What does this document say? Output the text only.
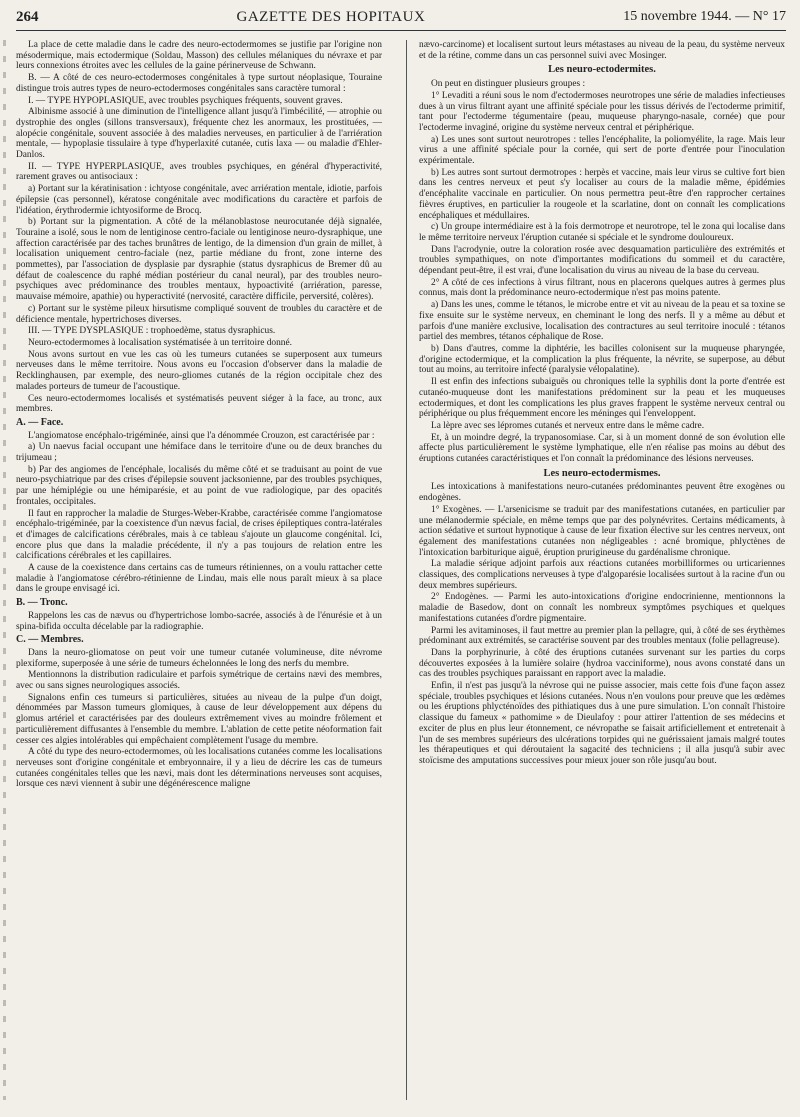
264	GAZETTE DES HOPITAUX	15 novembre 1944. — N° 17

La place de cette maladie dans le cadre des neuro-ectodermomes se justifie par l'origine non mésodermique, mais ectodermique (Soldau, Masson) des cellules mélaniques du névraxe et par leurs connexions étroites avec les cellules de la gaine périnerveuse de Schwann.

B. — A côté de ces neuro-ectodermoses congénitales à type surtout néoplasique, Touraine distingue trois autres types de neuro-ectodermoses congénitales sans caractère tumoral :

I. — TYPE HYPOPLASIQUE, avec troubles psychiques fréquents, souvent graves.

Albinisme associé à une diminution de l'intelligence allant jusqu'à l'imbécilité, — atrophie ou dystrophie des ongles (sillons transversaux), fréquente chez les anormaux, les prostituées, — alopécie congénitale, souvent associée à des maladies nerveuses, en particulier à de l'arriération mentale, — hypoplasie tissulaire à type d'hyperlaxité cutanée, cutis laxa — ou maladie d'Ehler-Danlos.

II. — TYPE HYPERPLASIQUE, aves troubles psychiques, en général d'hyperactivité, rarement graves ou antisociaux :

a) Portant sur la kératinisation : ichtyose congénitale, avec arriération mentale, idiotie, parfois épilepsie (cas personnel), kératose congénitale avec modifications du caractère et parfois de l'idéation, érythrodermie ichtyosiforme de Brocq.

b) Portant sur la pigmentation. A côté de la mélanoblastose neurocutanée déjà signalée, Touraine a isolé, sous le nom de lentiginose centro-faciale ou lentiginose neuro-dysraphique, une affection caractérisée par des taches brunâtres de lentigo, de la dimension d'un grain de millet, à localisation uniquement centro-faciale (nez, partie médiane du front, zone interne des pommettes), par l'association de dysplasie par dysraphie (status dysraphicus de Bremer dû au défaut de coalescence du raphé médian postérieur du canal neural), par des troubles neuro-psychiques avec prédominance des troubles mentaux, hypoactivité (arriération, paresse, mauvaise mémoire, apathie) ou hyperactivité (nervosité, caractère difficile, perversité, colères).

c) Portant sur le système pileux hirsutisme compliqué souvent de troubles du caractère et de déficience mentale, hypertrichoses diverses.

III. — TYPE DYSPLASIQUE : trophoedème, status dysraphicus.

Neuro-ectodermomes à localisation systématisée à un territoire donné.

Nous avons surtout en vue les cas où les tumeurs cutanées se superposent aux tumeurs nerveuses dans le même territoire. Nous avons eu l'occasion d'observer dans la maladie de Recklinghausen, par exemple, des neuro-gliomes cutanés de la région occipitale chez des malades porteurs de tumeur de l'acoustique.

Ces neuro-ectodermomes localisés et systématisés peuvent siéger à la face, au tronc, aux membres.

A. — Face.

L'angiomatose encéphalo-trigéminée, ainsi que l'a dénommée Crouzon, est caractérisée par :

a) Un naevus facial occupant une hémiface dans le territoire d'une ou de deux branches du trijumeau ;

b) Par des angiomes de l'encéphale, localisés du même côté et se traduisant au point de vue neuro-psychiatrique par des crises d'épilepsie souvent jacksonienne, par des troubles psychiques, par une hémiplégie ou une hémiparésie, et au point de vue radiologique, par des opacités frontales, occipitales.

Il faut en rapprocher la maladie de Sturges-Weber-Krabbe, caractérisée comme l'angiomatose encéphalo-trigéminée, par la coexistence d'un nævus facial, de crises épileptiques contra-latérales et d'images de calcifications cérébrales, mais à ce tableau s'ajoute un glaucome congénital. Ici, encore plus que dans la maladie précédente, il n'y a pas toujours de relation entre les calcifications cérébrales et les capillaires.

A cause de la coexistence dans certains cas de tumeurs rétiniennes, on a voulu rattacher cette maladie à l'angiomatose cérébro-rétinienne de Lindau, mais elle nous paraît mieux à sa place dans le groupe envisagé ici.

B. — Tronc.

Rappelons les cas de nævus ou d'hypertrichose lombo-sacrée, associés à de l'énurésie et à un spina-bifida occulta décelable par la radiographie.

C. — Membres.

Dans la neuro-gliomatose on peut voir une tumeur cutanée volumineuse, dite névrome plexiforme, superposée à une série de tumeurs échelonnées le long des nerfs du membre.

Mentionnons la distribution radiculaire et parfois symétrique de certains nævi des membres, avec ou sans signes neurologiques associés.

Signalons enfin ces tumeurs si particulières, situées au niveau de la pulpe d'un doigt, dénommées par Masson tumeurs glomiques, à cause de leur développement aux dépens du glomus artériel et caractérisées par des douleurs extrêmement vives au moindre frôlement et particulièrement diffusantes à l'ensemble du membre. L'ablation de cette petite néoformation fait cesser ces algies intolérables qui empêchaient complètement l'usage du membre.

A côté du type des neuro-ectodermomes, où les localisations cutanées comme les localisations nerveuses sont d'origine congénitale et embryonnaire, il y a lieu de décrire les cas de tumeurs cutanées congénitales telles que les nævi, mais dont les déterminations nerveuses sont acquises, lorsque ces nævi viennent à subir une dégénérescence maligne

nævo-carcinome) et localisent surtout leurs métastases au niveau de la peau, du système nerveux et de la rétine, comme dans un cas personnel suivi avec Mosinger.

Les neuro-ectodermites.

On peut en distinguer plusieurs groupes :

1° Levaditi a réuni sous le nom d'ectodermoses neurotropes une série de maladies infectieuses dues à un virus filtrant ayant une affinité spéciale pour les tissus dérivés de l'ectoderme primitif, tant pour l'ectoderme tégumentaire (peau, muqueuse pharyngo-nasale, cornée) que pour l'ectoderme invaginé, origine du système nerveux central et périphérique.

a) Les unes sont surtout neurotropes : telles l'encéphalite, la poliomyélite, la rage. Mais leur virus a une affinité spéciale pour la cornée, qui sert de porte d'entrée pour l'inoculation expérimentale.

b) Les autres sont surtout dermotropes : herpès et vaccine, mais leur virus se cultive fort bien dans les centres nerveux et peut s'y localiser au cours de la maladie même, épidémies d'encéphalite vaccinale en particulier. On nous permettra peut-être d'en rapprocher certaines fièvres éruptives, en particulier la rougeole et la scarlatine, dont on connaît les complications encéphaliques et médullaires.

c) Un groupe intermédiaire est à la fois dermotrope et neurotrope, tel le zona qui localise dans le même territoire nerveux l'éruption cutanée si spéciale et le syndrome douloureux.

Dans l'acrodynie, outre la coloration rosée avec desquamation particulière des extrémités et troubles sympathiques, on note d'importantes modifications du sommeil et du caractère, dépendant peut-être, il est vrai, d'une localisation du virus au niveau de la base du cerveau.

2° A côté de ces infections à virus filtrant, nous en placerons quelques autres à germes plus connus, mais dont la prédominance neuro-ectodermique n'est pas moins patente.

a) Dans les unes, comme le tétanos, le microbe entre et vit au niveau de la peau et sa toxine se fixe ensuite sur le système nerveux, en cheminant le long des nerfs. Il y a même au début et parfois d'une manière exclusive, localisation des contractures au seul territoire inoculé : tétanos partiel des membres, tétanos céphalique de Rose.

b) Dans d'autres, comme la diphtérie, les bacilles colonisent sur la muqueuse pharyngée, d'origine ectodermique, et la complication la plus fréquente, la névrite, se superpose, au début tout au moins, au territoire infecté (paralysie vélopalatine).

Il est enfin des infections subaiguës ou chroniques telle la syphilis dont la porte d'entrée est cutanéo-muqueuse dont les manifestations prédominent sur la peau et les muqueuses ectodermiques, et dont les complications les plus graves frappent le système nerveux central ou périphérique ou plus fréquemment encore les méninges qui l'enveloppent.

La lèpre avec ses lépromes cutanés et nerveux entre dans le même cadre.

Et, à un moindre degré, la trypanosomiase. Car, si à un moment donné de son évolution elle affecte plus particulièrement le système lymphatique, elle n'en réalise pas moins au début des éruptions cutanées caractéristiques et l'on connaît la prédominance des lésions nerveuses.

Les neuro-ectodermismes.

Les intoxications à manifestations neuro-cutanées prédominantes peuvent être exogènes ou endogènes.

1° Exogènes. — L'arsenicisme se traduit par des manifestations cutanées, en particulier par une mélanodermie spéciale, en même temps que par des polynévrites. Certains médicaments, à action sédative et surtout hypnotique à cause de leur fixation élective sur les centres nerveux, ont également des manifestations cutanées non négligeables : acné bromique, phlyctènes de l'intoxication barbiturique aiguë, éruption prurigineuse du gardénalisme chronique.

La maladie sérique adjoint parfois aux réactions cutanées morbilliformes ou urticariennes classiques, des complications nerveuses à type d'algoparésie localisées surtout à la racine d'un ou deux membres supérieurs.

2° Endogènes. — Parmi les auto-intoxications d'origine endocrinienne, mentionnons la maladie de Basedow, dont on connaît les nombreux symptômes psychiques et quelques manifestations cutanées d'ordre pigmentaire.

Parmi les avitaminoses, il faut mettre au premier plan la pellagre, qui, à côté de ses érythèmes prédominant aux extrémités, se caractérise souvent par des troubles mentaux (folie pellagreuse).

Dans la porphyrinurie, à côté des éruptions cutanées survenant sur les parties du corps découvertes exposées à la lumière solaire (hydroa vacciniforme), nous avons constaté dans un cas des troubles psychiques paraissant en rapport avec la maladie.

Enfin, il n'est pas jusqu'à la névrose qui ne puisse associer, mais cette fois d'une façon assez spéciale, troubles psychiques et lésions cutanées. Nous n'en voulons pour preuve que les œdèmes ou les éruptions phlycténoïdes des pithiatiques dus à une pure simulation. L'on connaît l'histoire classique du fameux « pathomime » de Dieulafoy : pour attirer l'attention de ses médecins et exciter de plus en plus leur étonnement, ce névropathe se faisait artificiellement et entretenait à l'un de ses membres supérieurs des ulcérations torpides qui ne guérissaient jamais malgré toutes les thérapeutiques et qui déroutaient la sagacité des techniciens ; il alla jusqu'à subir avec stoïcisme des amputations successives pour mieux jouer son rôle jusqu'au bout.
